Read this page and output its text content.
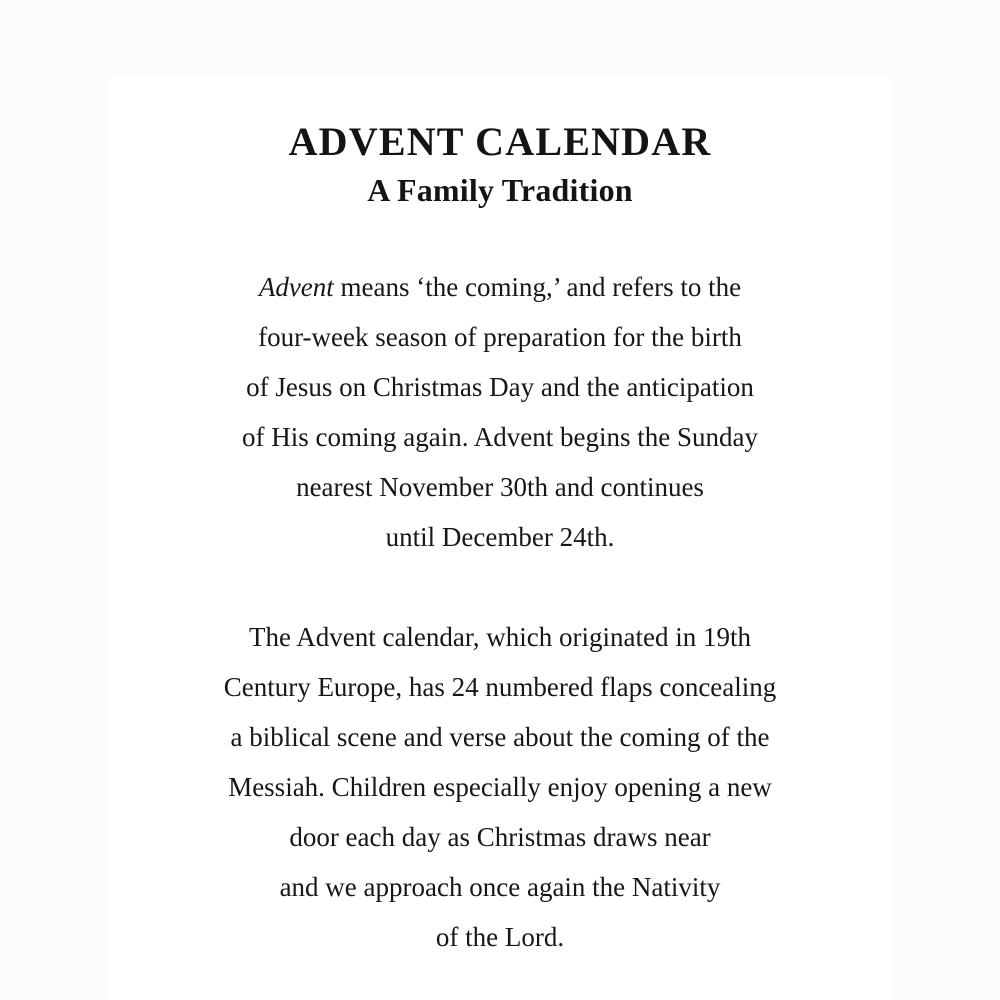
ADVENT CALENDAR
A Family Tradition

Advent means ‘the coming,’ and refers to the
four-week season of preparation for the birth
of Jesus on Christmas Day and the anticipation
of His coming again. Advent begins the Sunday
nearest November 30th and continues
until December 24th.

The Advent calendar, which originated in 19th
Century Europe, has 24 numbered flaps concealing
a biblical scene and verse about the coming of the
Messiah. Children especially enjoy opening a new
door each day as Christmas draws near
and we approach once again the Nativity
of the Lord.
